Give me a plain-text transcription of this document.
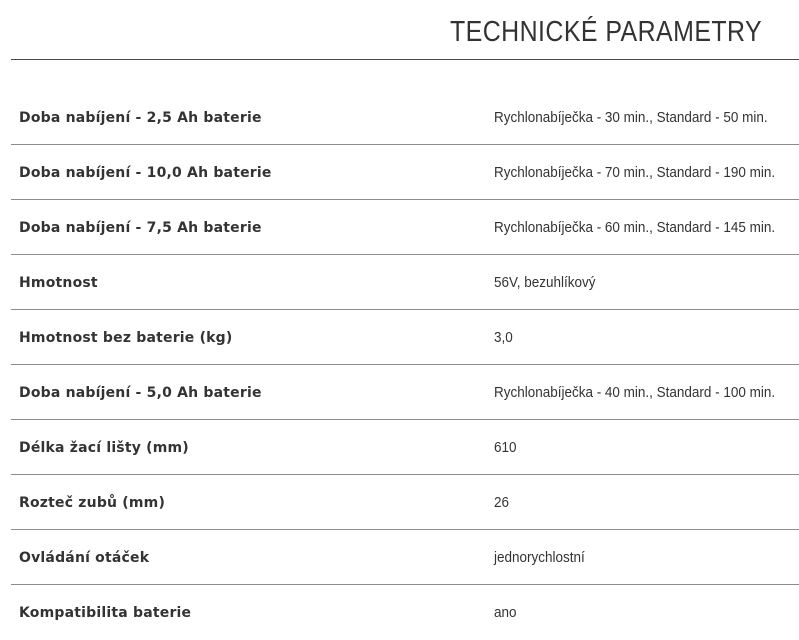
TECHNICKÉ PARAMETRY
Doba nabíjení - 2,5 Ah baterie	Rychlonabíječka - 30 min., Standard - 50 min.
Doba nabíjení - 10,0 Ah baterie	Rychlonabíječka - 70 min., Standard - 190 min.
Doba nabíjení - 7,5 Ah baterie	Rychlonabíječka - 60 min., Standard - 145 min.
Hmotnost	56V, bezuhlíkový
Hmotnost bez baterie (kg)	3,0
Doba nabíjení - 5,0 Ah baterie	Rychlonabíječka - 40 min., Standard - 100 min.
Délka žací lišty (mm)	610
Rozteč zubů (mm)	26
Ovládání otáček	jednorychlostní
Kompatibilita baterie	ano
